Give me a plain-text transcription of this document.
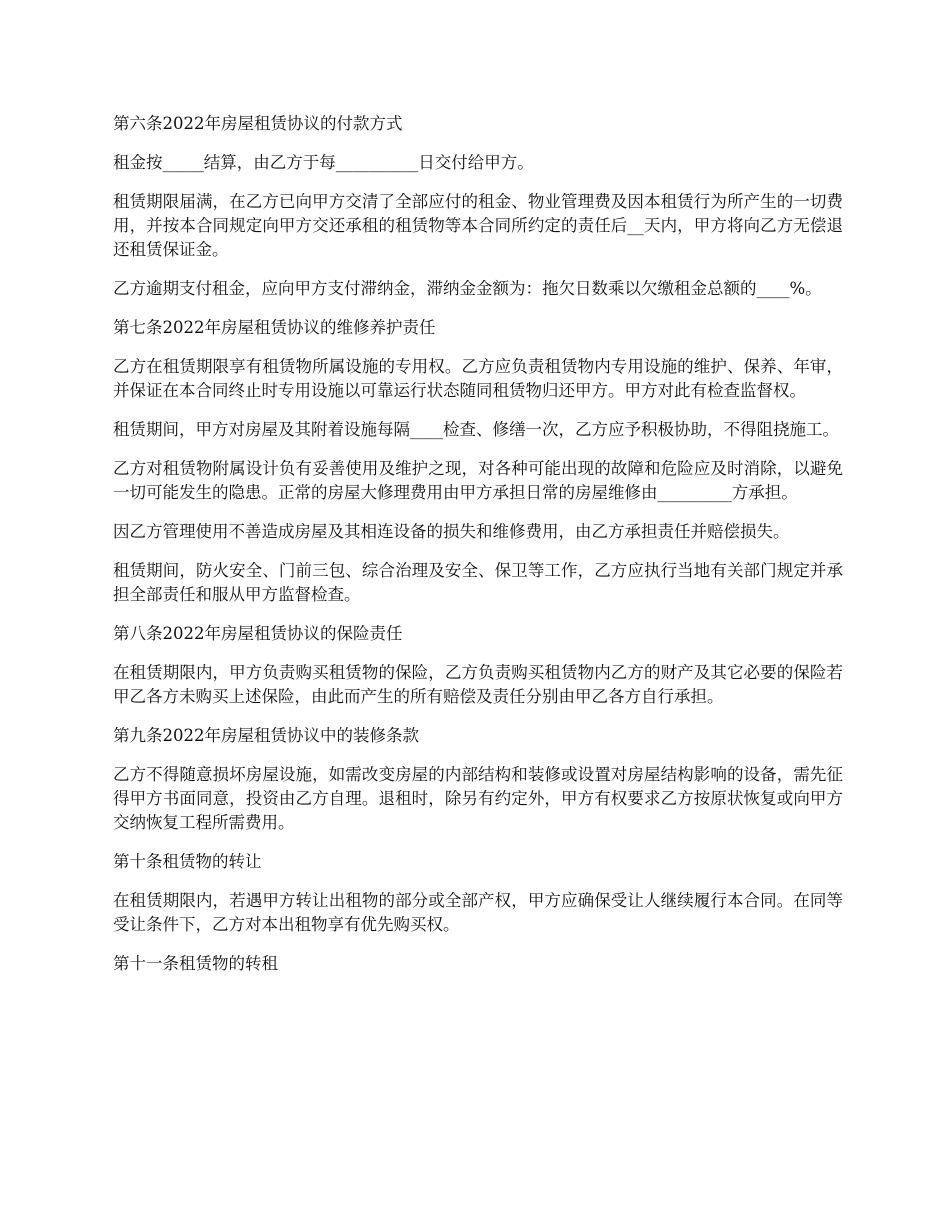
第六条2022年房屋租赁协议的付款方式

租金按_____结算，由乙方于每__________日交付给甲方。

租赁期限届满，在乙方已向甲方交清了全部应付的租金、物业管理费及因本租赁行为所产生的一切费用，并按本合同规定向甲方交还承租的租赁物等本合同所约定的责任后__天内，甲方将向乙方无偿退还租赁保证金。

乙方逾期支付租金，应向甲方支付滞纳金，滞纳金金额为：拖欠日数乘以欠缴租金总额的____%。

第七条2022年房屋租赁协议的维修养护责任

乙方在租赁期限享有租赁物所属设施的专用权。乙方应负责租赁物内专用设施的维护、保养、年审，并保证在本合同终止时专用设施以可靠运行状态随同租赁物归还甲方。甲方对此有检查监督权。

租赁期间，甲方对房屋及其附着设施每隔____检查、修缮一次，乙方应予积极协助，不得阻挠施工。

乙方对租赁物附属设计负有妥善使用及维护之现，对各种可能出现的故障和危险应及时消除，以避免一切可能发生的隐患。正常的房屋大修理费用由甲方承担日常的房屋维修由_________方承担。

因乙方管理使用不善造成房屋及其相连设备的损失和维修费用，由乙方承担责任并赔偿损失。

租赁期间，防火安全、门前三包、综合治理及安全、保卫等工作，乙方应执行当地有关部门规定并承担全部责任和服从甲方监督检查。

第八条2022年房屋租赁协议的保险责任

在租赁期限内，甲方负责购买租赁物的保险，乙方负责购买租赁物内乙方的财产及其它必要的保险若甲乙各方未购买上述保险，由此而产生的所有赔偿及责任分别由甲乙各方自行承担。

第九条2022年房屋租赁协议中的装修条款

乙方不得随意损坏房屋设施，如需改变房屋的内部结构和装修或设置对房屋结构影响的设备，需先征得甲方书面同意，投资由乙方自理。退租时，除另有约定外，甲方有权要求乙方按原状恢复或向甲方交纳恢复工程所需费用。

第十条租赁物的转让

在租赁期限内，若遇甲方转让出租物的部分或全部产权，甲方应确保受让人继续履行本合同。在同等受让条件下，乙方对本出租物享有优先购买权。

第十一条租赁物的转租
